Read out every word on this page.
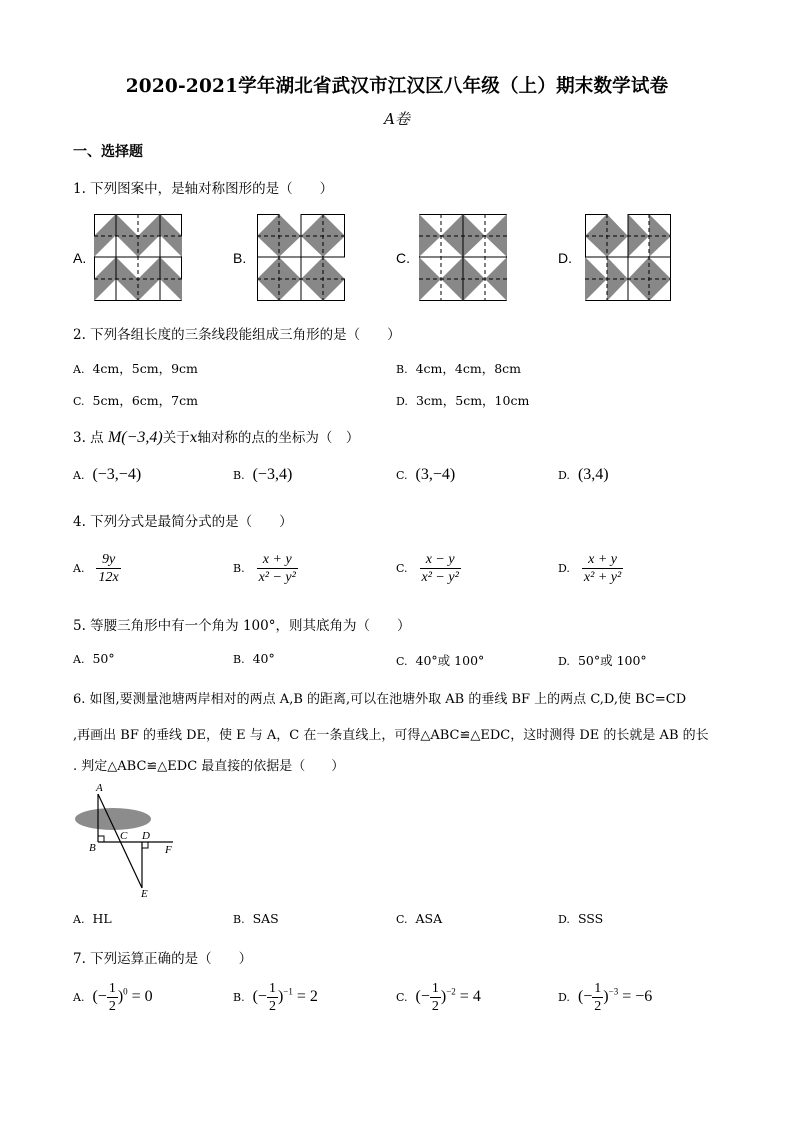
2020-2021学年湖北省武汉市江汉区八年级（上）期末数学试卷
A卷
一、选择题
1. 下列图案中，是轴对称图形的是（　　）
A.	B.	C.	D.
2. 下列各组长度的三条线段能组成三角形的是（　　）
A. 4cm，5cm，9cm	B. 4cm，4cm，8cm
C. 5cm，6cm，7cm	D. 3cm，5cm，10cm
3. 点 M(−3,4)关于x轴对称的点的坐标为（　）
A. (−3,−4)	B. (−3,4)	C. (3,−4)	D. (3,4)
4. 下列分式是最简分式的是（　　）
A. $\frac{9y}{12x}$	B. $\frac{x + y}{\text{x² − y²}}$	C. $\frac{x - y}{\text{x² − y²}}$	D. $\frac{x + y}{\text{x² + y²}}$
5. 等腰三角形中有一个角为 100°，则其底角为（　　）
A. 50°	B. 40°	C. 40°或 100°	D. 50°或 100°
6. 如图,要测量池塘两岸相对的两点 A,B 的距离,可以在池塘外取 AB 的垂线 BF 上的两点 C,D,使 BC=CD
,再画出 BF 的垂线 DE，使 E 与 A，C 在一条直线上，可得△ABC≌△EDC，这时测得 DE 的长就是 AB 的长
. 判定△ABC≌△EDC 最直接的依据是（　　）
A
B
C D
E
F
A. HL	B. SAS	C. ASA	D. SSS
7. 下列运算正确的是（　　）
A. (− $\frac{1}{2} )^0 = 0$	B. (− $\frac{1}{2} )^{-1} = 2$	C. (− $\frac{1}{2} )^{-2} = 4$	D. (− $\frac{1}{2} )^{-3} = -6$
